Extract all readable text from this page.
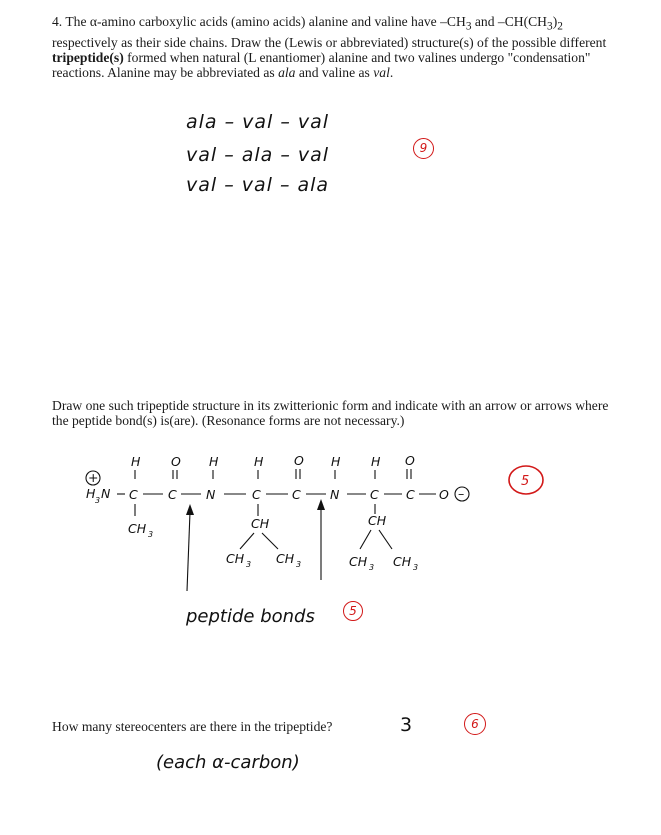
4. The α-amino carboxylic acids (amino acids) alanine and valine have $-CH_3$ and $-CH(CH_3)_2$ respectively as their side chains. Draw the (Lewis or abbreviated) structure(s) of the possible different tripeptide(s) formed when natural (L enantiomer) alanine and two valines undergo "condensation" reactions. Alanine may be abbreviated as ala and valine as val.

ala – val – val
val – ala – val
val – val – ala
9

Draw one such tripeptide structure in its zwitterionic form and indicate with an arrow or arrows where the peptide bond(s) is(are). (Resonance forms are not necessary.)

H O H	H O H H O
+
H 3 N C C N	C	C N C C O –
CH 3
CH	CH
CH 3 CH 3	CH 3 CH 3
5
peptide bonds	5

How many stereocenters are there in the tripeptide?	3	6
(each α-carbon)
